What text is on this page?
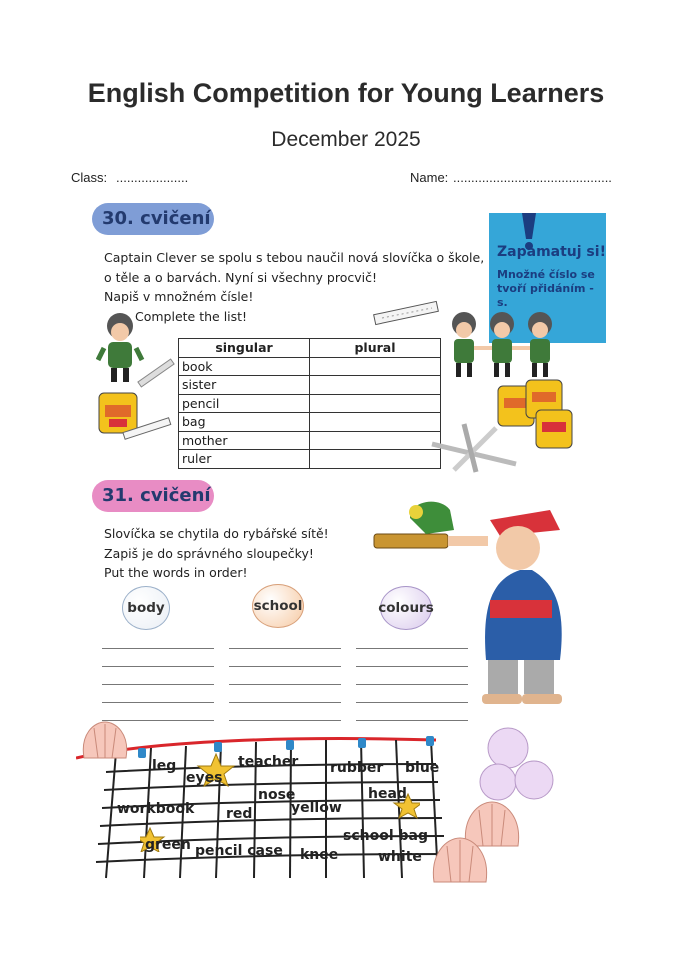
English Competition for Young Learners
December 2025
Class: ....................	Name: ............................................
30. cvičení
Captain Clever se spolu s tebou naučil nová slovíčka o škole,
o těle a o barvách. Nyní si všechny procvič!
Napiš v množném čísle!
Complete the list!
Zapamatuj si!

Množné číslo se tvoří přidáním -s.

singular	plural
book	
sister	
pencil	
bag	
mother	
ruler	
31. cvičení
Slovíčka se chytila do rybářské sítě!
Zapiš je do správného sloupečky!
Put the words in order!
body	school	colours
leg
eyes
teacher rubber blue
nose	head
workbook red	yellow
green pencil case knee
school bag
white
